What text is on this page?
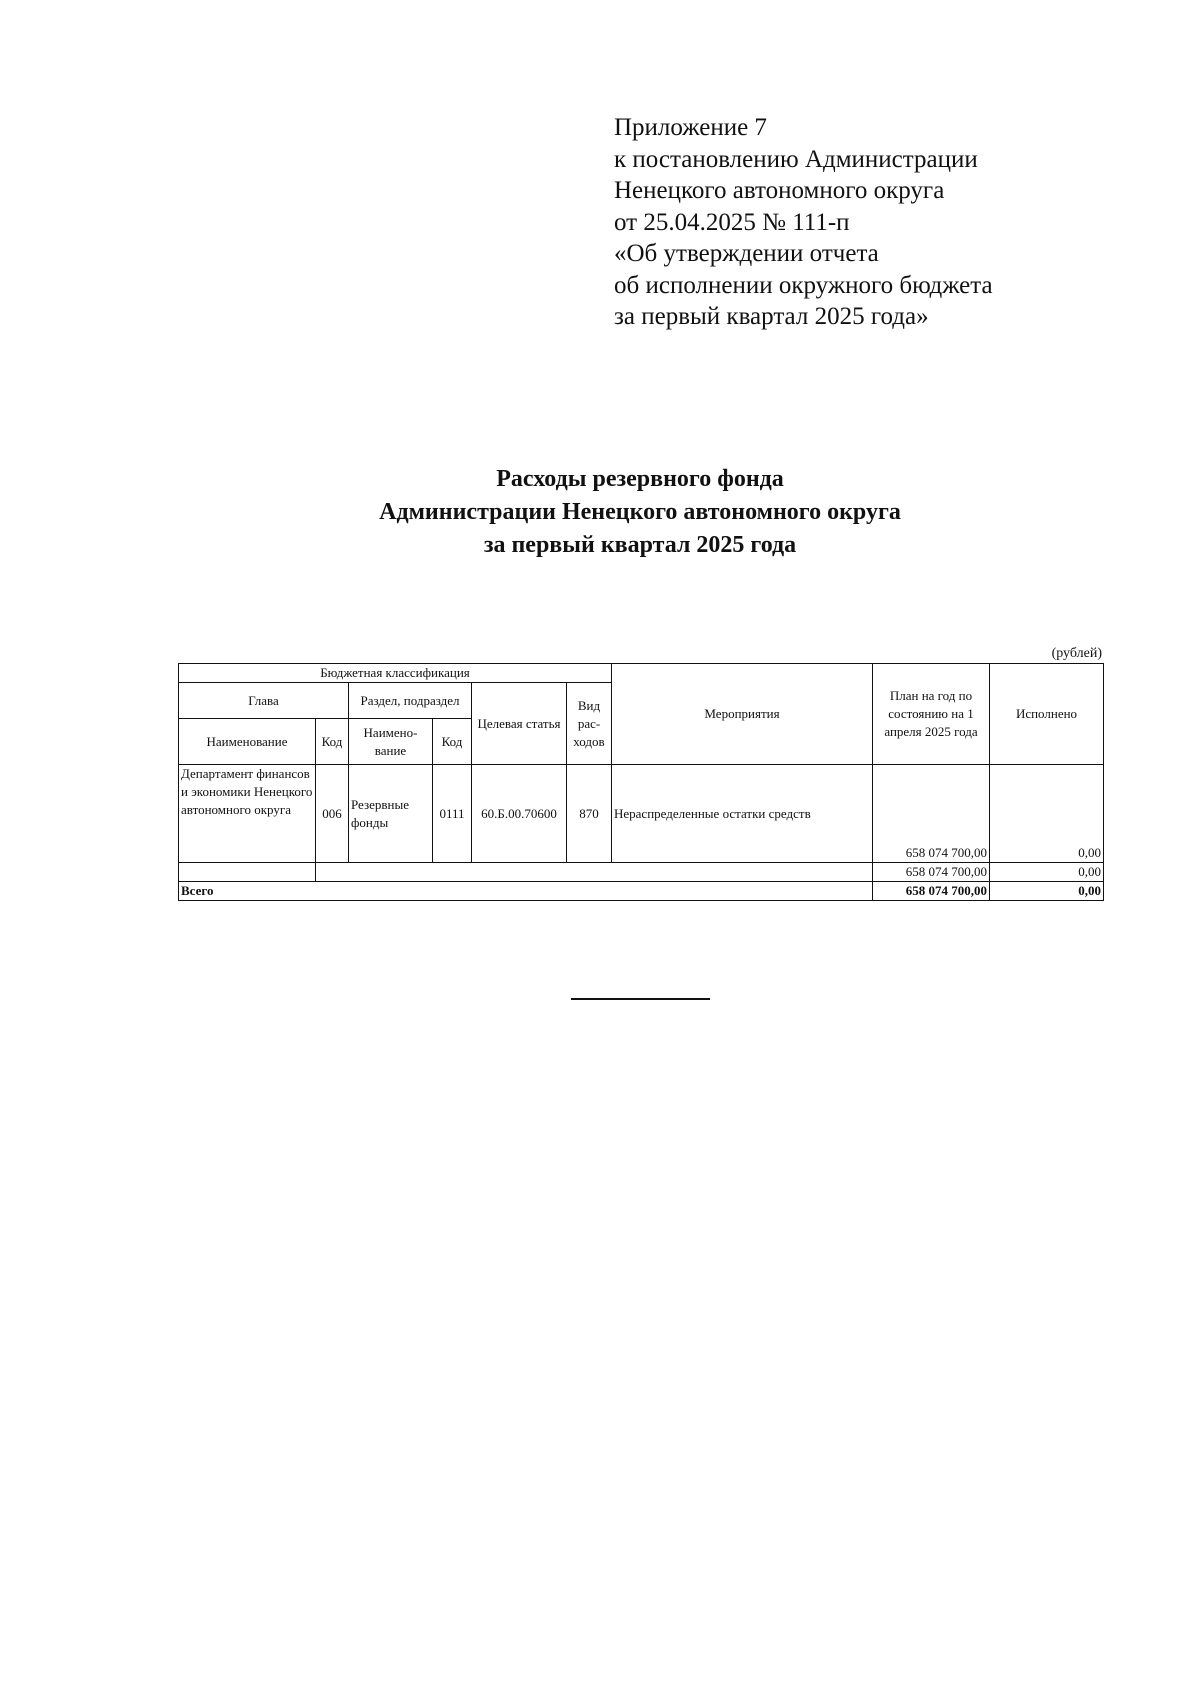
Приложение 7
к постановлению Администрации
Ненецкого автономного округа
от 25.04.2025 № 111-п
«Об утверждении отчета
об исполнении окружного бюджета
за первый квартал 2025 года»
Расходы резервного фонда
Администрации Ненецкого автономного округа
за первый квартал 2025 года
(рублей)
Бюджетная классификация						Мероприятия	План на год по состоянию на 1 апреля 2025 года	Исполнено
Глава		Раздел, подраздел		Целевая статья	Вид рас-ходов			
Наименование	Код	Наимено-вание	Код					
Департамент финансов и экономики Ненецкого автономного округа	006	Резервные фонды	0111	60.Б.00.70600	870	Нераспределенные остатки средств	658 074 700,00	0,00
							658 074 700,00	0,00
Всего							658 074 700,00	0,00
